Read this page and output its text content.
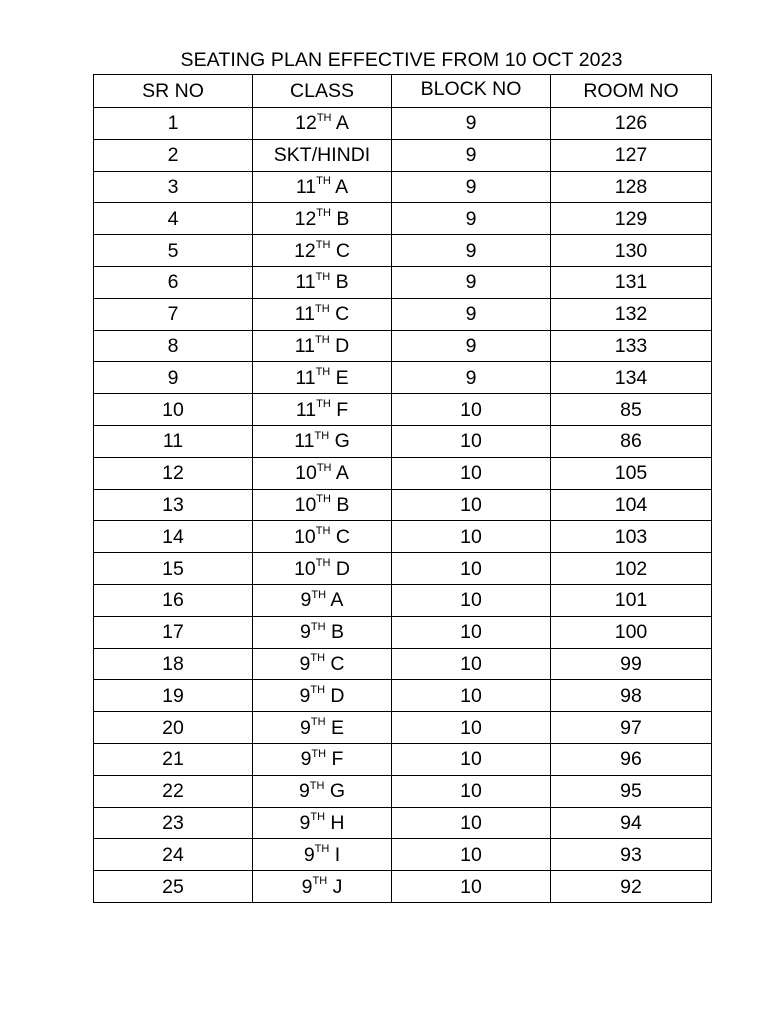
SEATING PLAN EFFECTIVE FROM 10 OCT 2023
SR NO	CLASS	BLOCK NO	ROOM NO
1	12TH A	9	126
2	SKT/HINDI	9	127
3	11TH A	9	128
4	12TH B	9	129
5	12TH C	9	130
6	11TH B	9	131
7	11TH C	9	132
8	11TH D	9	133
9	11TH E	9	134
10	11TH F	10	85
11	11TH G	10	86
12	10TH A	10	105
13	10TH B	10	104
14	10TH C	10	103
15	10TH D	10	102
16	9TH A	10	101
17	9TH B	10	100
18	9TH C	10	99
19	9TH D	10	98
20	9TH E	10	97
21	9TH F	10	96
22	9TH G	10	95
23	9TH H	10	94
24	9TH I	10	93
25	9TH J	10	92
